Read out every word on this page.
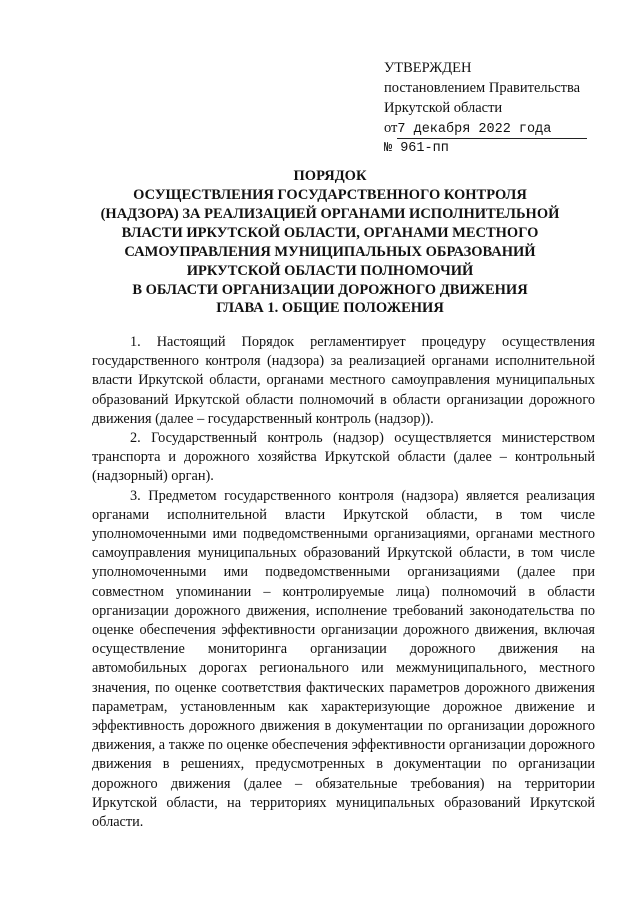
УТВЕРЖДЕН
постановлением Правительства
Иркутской области
от7 декабря 2022 года
№ 961-пп
ПОРЯДОК
ОСУЩЕСТВЛЕНИЯ ГОСУДАРСТВЕННОГО КОНТРОЛЯ
(НАДЗОРА) ЗА РЕАЛИЗАЦИЕЙ ОРГАНАМИ ИСПОЛНИТЕЛЬНОЙ
ВЛАСТИ ИРКУТСКОЙ ОБЛАСТИ, ОРГАНАМИ МЕСТНОГО
САМОУПРАВЛЕНИЯ МУНИЦИПАЛЬНЫХ ОБРАЗОВАНИЙ
ИРКУТСКОЙ ОБЛАСТИ ПОЛНОМОЧИЙ
В ОБЛАСТИ ОРГАНИЗАЦИИ ДОРОЖНОГО ДВИЖЕНИЯ
ГЛАВА 1. ОБЩИЕ ПОЛОЖЕНИЯ

1. Настоящий Порядок регламентирует процедуру осуществления государственного контроля (надзора) за реализацией органами исполнительной власти Иркутской области, органами местного самоуправления муниципальных образований Иркутской области полномочий в области организации дорожного движения (далее – государственный контроль (надзор)).

2. Государственный контроль (надзор) осуществляется министерством транспорта и дорожного хозяйства Иркутской области (далее – контрольный (надзорный) орган).

3. Предметом государственного контроля (надзора) является реализация органами исполнительной власти Иркутской области, в том числе уполномоченными ими подведомственными организациями, органами местного самоуправления муниципальных образований Иркутской области, в том числе уполномоченными ими подведомственными организациями (далее при совместном упоминании – контролируемые лица) полномочий в области организации дорожного движения, исполнение требований законодательства по оценке обеспечения эффективности организации дорожного движения, включая осуществление мониторинга организации дорожного движения на автомобильных дорогах регионального или межмуниципального, местного значения, по оценке соответствия фактических параметров дорожного движения параметрам, установленным как характеризующие дорожное движение и эффективность дорожного движения в документации по организации дорожного движения, а также по оценке обеспечения эффективности организации дорожного движения в решениях, предусмотренных в документации по организации дорожного движения (далее – обязательные требования) на территории Иркутской области, на территориях муниципальных образований Иркутской области.
